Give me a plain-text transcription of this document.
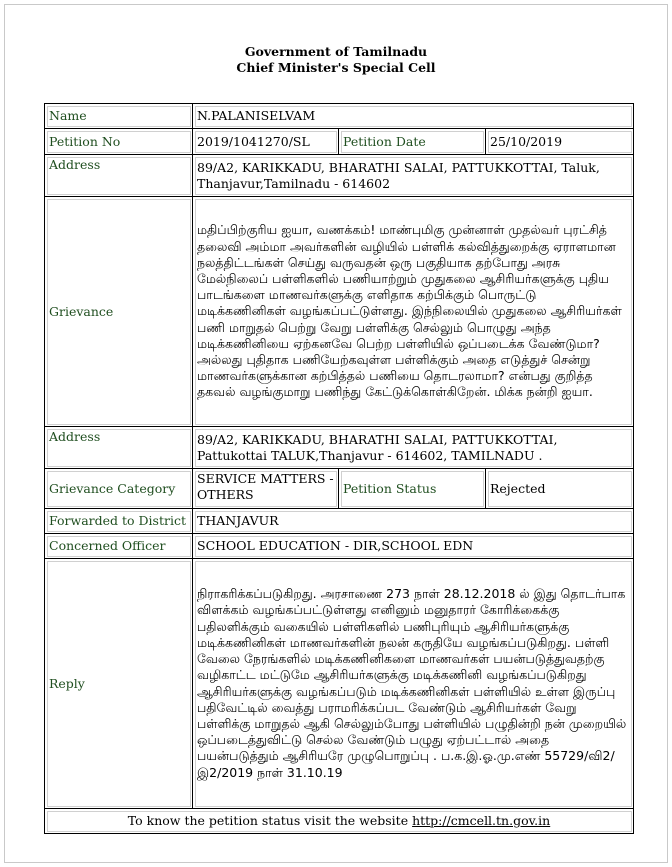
Government of Tamilnadu
Chief Minister's Special Cell
Name	N.PALANISELVAM		
Petition No	2019/1041270/SL	Petition Date	25/10/2019
Address	89/A2, KARIKKADU, BHARATHI SALAI, PATTUKKOTTAI, Taluk, Thanjavur,Tamilnadu - 614602		
Grievance	மதிப்பிற்குரிய ஐயா, வணக்கம்! மாண்புமிகு முன்னாள் முதல்வர் புரட்சித் தலைவி அம்மா அவர்களின் வழியில் பள்ளிக் கல்வித்துறைக்கு ஏராளமான நலத்திட்டங்கள் செய்து வருவதன் ஒரு பகுதியாக தற்போது அரசு மேல்நிலைப் பள்ளிகளில் பணியாற்றும் முதுகலை ஆசிரியர்களுக்கு புதிய பாடங்களை மாணவர்களுக்கு எளிதாக கற்பிக்கும் பொருட்டு மடிக்கணினிகள் வழங்கப்பட்டுள்ளது. இந்நிலையில் முதுகலை ஆசிரியர்கள் பணி மாறுதல் பெற்று வேறு பள்ளிக்கு செல்லும் பொழுது அந்த மடிக்கணினியை ஏற்கனவே பெற்ற பள்ளியில் ஒப்படைக்க வேண்டுமா? அல்லது புதிதாக பணியேற்கவுள்ள பள்ளிக்கும் அதை எடுத்துச் சென்று மாணவர்களுக்கான கற்பித்தல் பணியை தொடரலாமா? என்பது குறித்த தகவல் வழங்குமாறு பணிந்து கேட்டுக்கொள்கிறேன். மிக்க நன்றி ஐயா.		
Address	89/A2, KARIKKADU, BHARATHI SALAI, PATTUKKOTTAI, Pattukottai TALUK,Thanjavur - 614602, TAMILNADU .		
Grievance Category	SERVICE MATTERS - OTHERS	Petition Status	Rejected
Forwarded to District	THANJAVUR		
Concerned Officer	SCHOOL EDUCATION - DIR,SCHOOL EDN		
Reply	நிராகரிக்கப்படுகிறது. அரசாணை 273 நாள் 28.12.2018 ல் இது தொடர்பாக விளக்கம் வழங்கப்பட்டுள்ளது எனினும் மனுதாரர் கோரிக்கைக்கு பதிலளிக்கும் வகையில் பள்ளிகளில் பணிபுரியும் ஆசிரியர்களுக்கு மடிக்கணினிகள் மாணவர்களின் நலன் கருதியே வழங்கப்படுகிறது. பள்ளி வேலை நேரங்களில் மடிக்கணினிகளை மாணவர்கள் பயன்படுத்துவதற்கு வழிகாட்ட மட்டுமே ஆசிரியர்களுக்கு மடிக்கணினி வழங்கப்படுகிறது ஆசிரியர்களுக்கு வழங்கப்படும் மடிக்கணினிகள் பள்ளியில் உள்ள இருப்பு பதிவேட்டில் வைத்து பராமரிக்கப்பட வேண்டும் ஆசிரியர்கள் வேறு பள்ளிக்கு மாறுதல் ஆகி செல்லும்போது பள்ளியில் பழுதின்றி நன் முறையில் ஒப்படைத்துவிட்டு செல்ல வேண்டும் பழுது ஏற்பட்டால் அதை பயன்படுத்தும் ஆசிரியரே முழுபொறுப்பு . ப.க.இ.ஓ.மு.எண் 55729/வி2/இ2/2019 நாள் 31.10.19		
To know the petition status visit the website http://cmcell.tn.gov.in			
